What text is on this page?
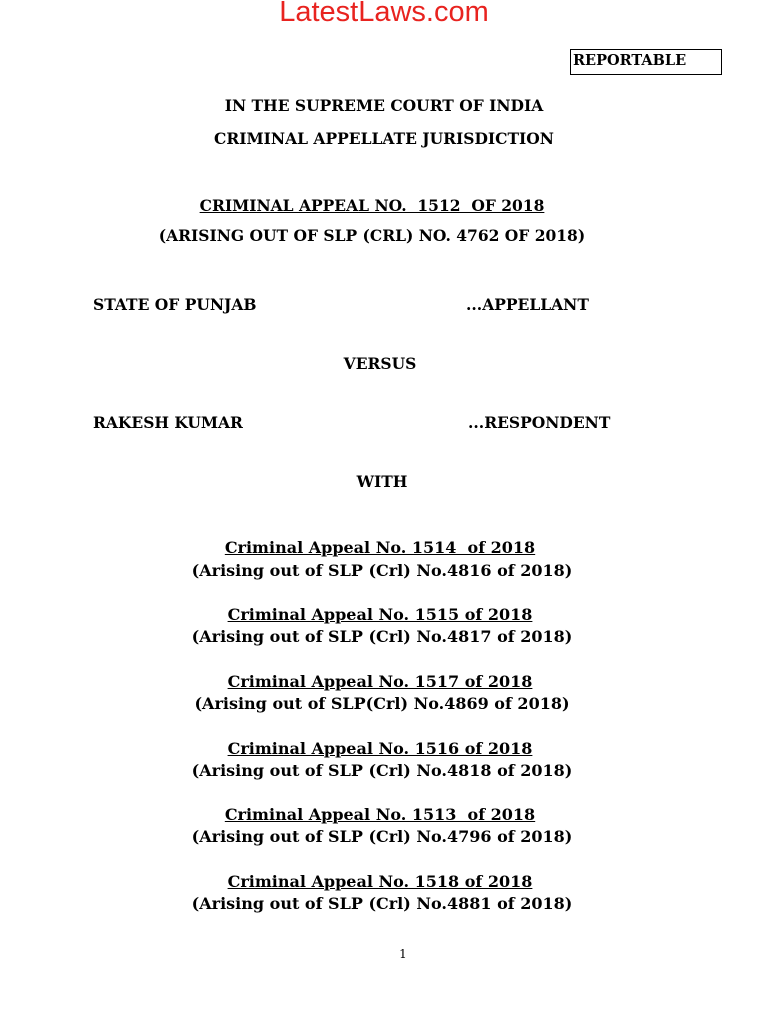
LatestLaws.com
REPORTABLE
IN THE SUPREME COURT OF INDIA
CRIMINAL APPELLATE JURISDICTION
CRIMINAL APPEAL NO.  1512  OF 2018
(ARISING OUT OF SLP (CRL) NO. 4762 OF 2018)
STATE OF PUNJAB	...APPELLANT
VERSUS
RAKESH KUMAR	...RESPONDENT
WITH
Criminal Appeal No. 1514  of 2018
(Arising out of SLP (Crl) No.4816 of 2018)
Criminal Appeal No. 1515 of 2018
(Arising out of SLP (Crl) No.4817 of 2018)
Criminal Appeal No. 1517 of 2018
(Arising out of SLP(Crl) No.4869 of 2018)
Criminal Appeal No. 1516 of 2018
(Arising out of SLP (Crl) No.4818 of 2018)
Criminal Appeal No. 1513  of 2018
(Arising out of SLP (Crl) No.4796 of 2018)
Criminal Appeal No. 1518 of 2018
(Arising out of SLP (Crl) No.4881 of 2018)
1
